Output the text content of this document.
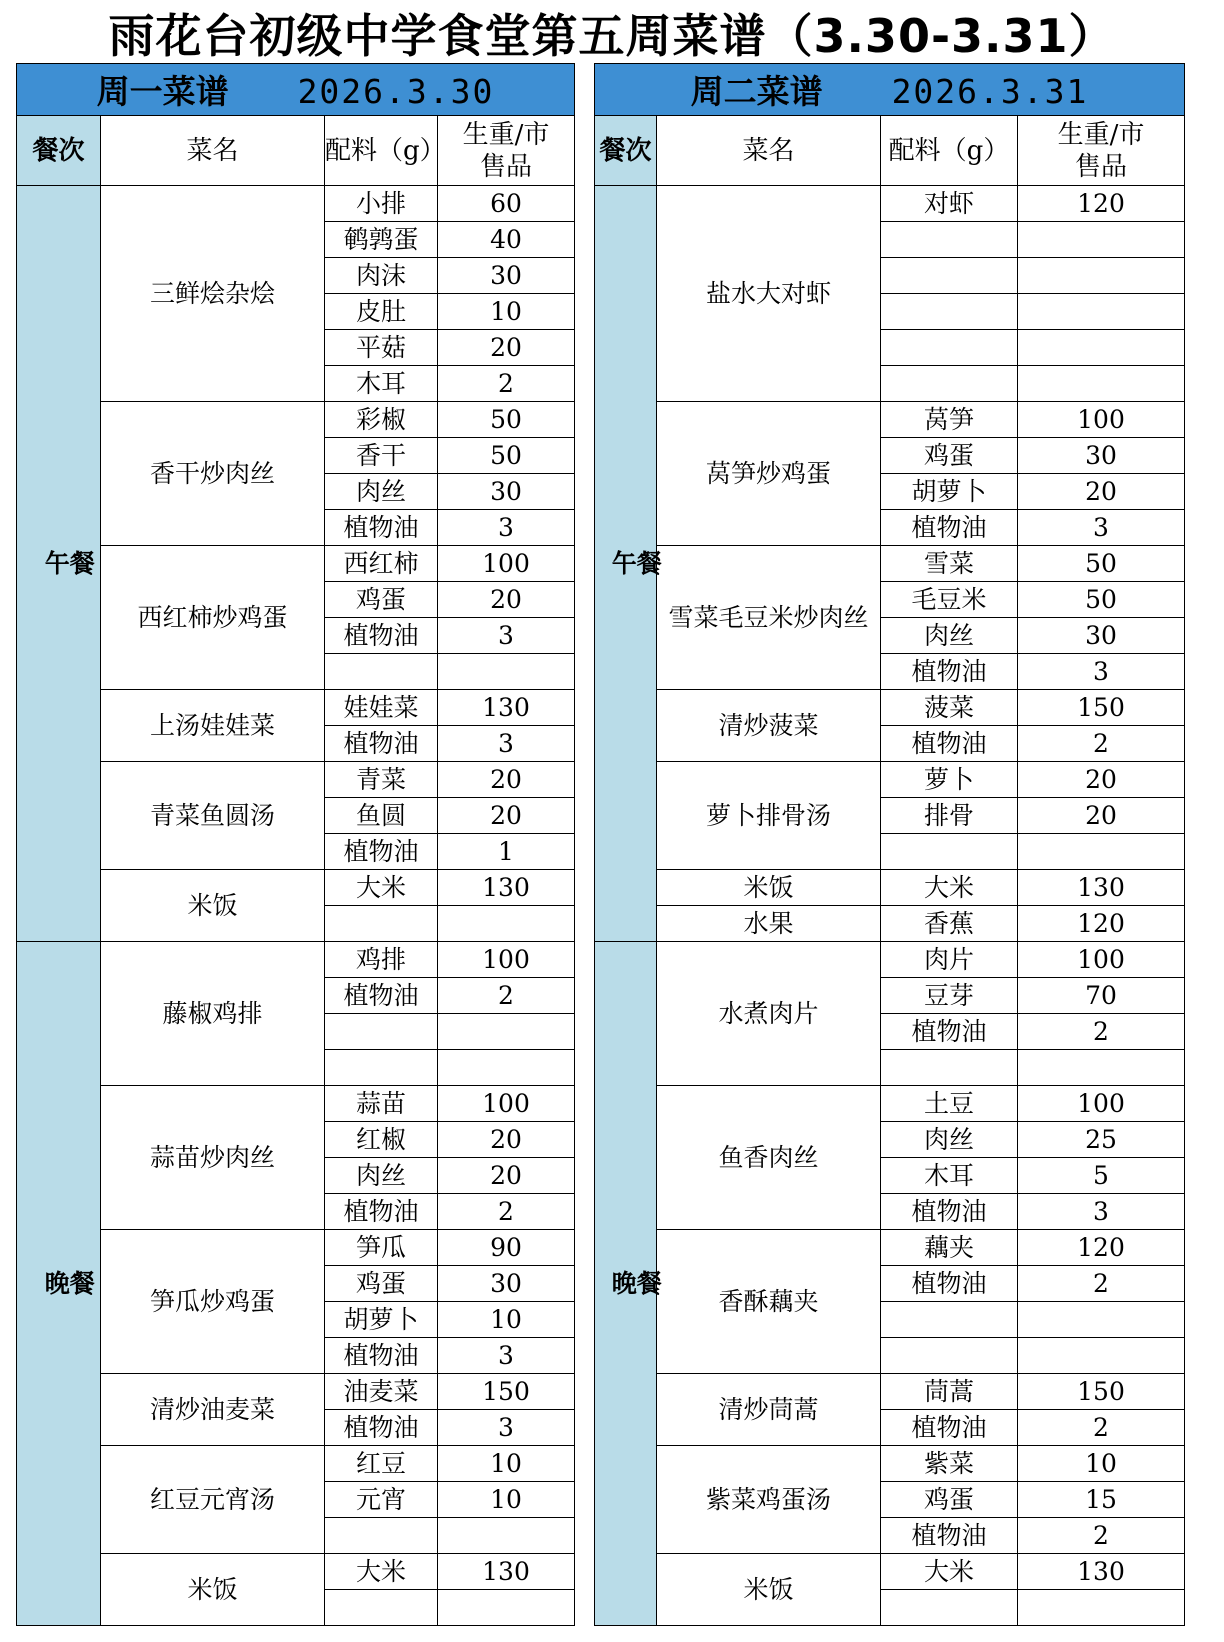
雨花台初级中学食堂第五周菜谱（3.30-3.31）
周一菜谱 2026.3.30			
餐次	菜名	配料（g）	生重/市
售品

午餐	三鲜烩杂烩	小排	60
		鹌鹑蛋	40
		肉沫	30
		皮肚	10
		平菇	20
		木耳	2
	香干炒肉丝	彩椒	50
		香干	50
		肉丝	30
		植物油	3
	西红柿炒鸡蛋	西红柿	100
		鸡蛋	20
		植物油	3

	上汤娃娃菜	娃娃菜	130
		植物油	3
	青菜鱼圆汤	青菜	20
		鱼圆	20
		植物油	1
	米饭	大米	130

晚餐	藤椒鸡排	鸡排	100
		植物油	2

	蒜苗炒肉丝	蒜苗	100
		红椒	20
		肉丝	20
		植物油	2
	笋瓜炒鸡蛋	笋瓜	90
		鸡蛋	30
		胡萝卜	10
		植物油	3
	清炒油麦菜	油麦菜	150
		植物油	3
	红豆元宵汤	红豆	10
		元宵	10

	米饭	大米	130

周二菜谱 2026.3.31			
餐次	菜名	配料（g）	生重/市
售品

午餐	盐水大对虾	对虾	120

	莴笋炒鸡蛋	莴笋	100
		鸡蛋	30
		胡萝卜	20
		植物油	3
	雪菜毛豆米炒肉丝	雪菜	50
		毛豆米	50
		肉丝	30
		植物油	3
	清炒菠菜	菠菜	150
		植物油	2
	萝卜排骨汤	萝卜	20
		排骨	20

	米饭	大米	130
	水果	香蕉	120

晚餐	水煮肉片	肉片	100
		豆芽	70
		植物油	2

	鱼香肉丝	土豆	100
		肉丝	25
		木耳	5
		植物油	3
	香酥藕夹	藕夹	120
		植物油	2

	清炒茼蒿	茼蒿	150
		植物油	2
	紫菜鸡蛋汤	紫菜	10
		鸡蛋	15
		植物油	2
	米饭	大米	130
